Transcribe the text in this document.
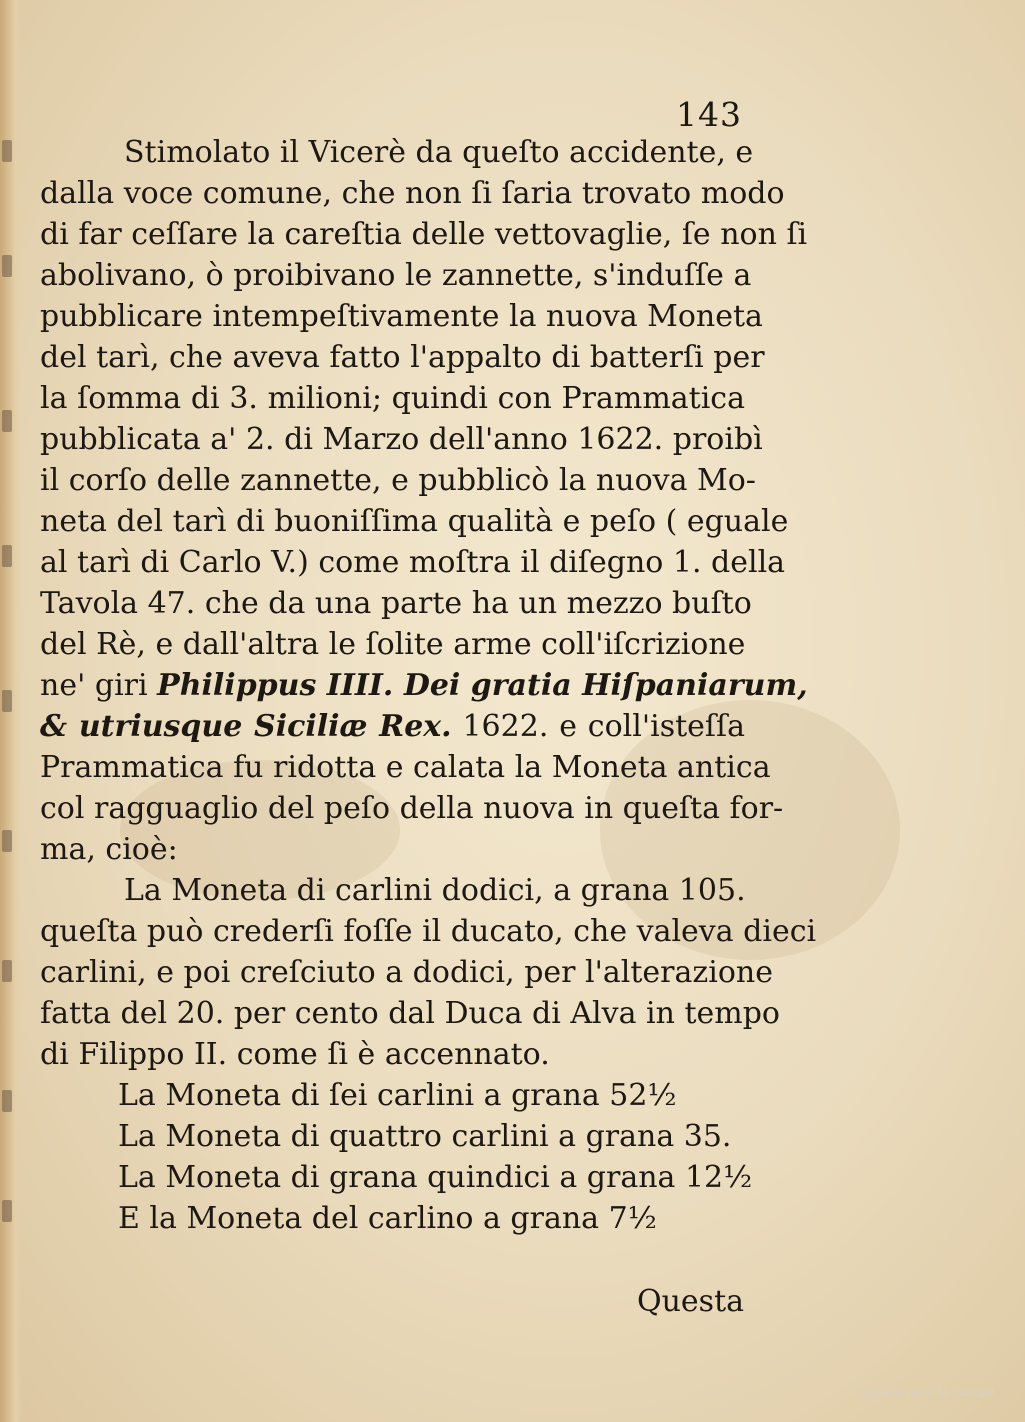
143
Stimolato il Vicerè da queſto accidente, e
dalla voce comune, che non ſi ſaria trovato modo
di far ceſſare la careſtia delle vettovaglie, ſe non ſi
abolivano, ò proibivano le zannette, s'induſſe a
pubblicare intempeſtivamente la nuova Moneta
del tarì, che aveva fatto l'appalto di batterſi per
la ſomma di 3. milioni; quindi con Prammatica
pubblicata a' 2. di Marzo dell'anno 1622. proibì
il corſo delle zannette, e pubblicò la nuova Mo-
neta del tarì di buoniſſima qualità e peſo ( eguale
al tarì di Carlo V.) come moſtra il diſegno 1. della
Tavola 47. che da una parte ha un mezzo buſto
del Rè, e dall'altra le ſolite arme coll'iſcrizione
ne' giri Philippus IIII. Dei gratia Hiſpaniarum,
& utriusque Siciliæ Rex. 1622. e coll'isteſſa
Prammatica fu ridotta e calata la Moneta antica
col ragguaglio del peſo della nuova in queſta for-
ma, cioè:
La Moneta di carlini dodici, a grana 105.
queſta può crederſi foſſe il ducato, che valeva dieci
carlini, e poi creſciuto a dodici, per l'alterazione
fatta del 20. per cento dal Duca di Alva in tempo
di Filippo II. come ſi è accennato.
La Moneta di ſei carlini a grana 52½
La Moneta di quattro carlini a grana 35.
La Moneta di grana quindici a grana 12½
E la Moneta del carlino a grana 7½
Questa
Digitalizzato da Google
